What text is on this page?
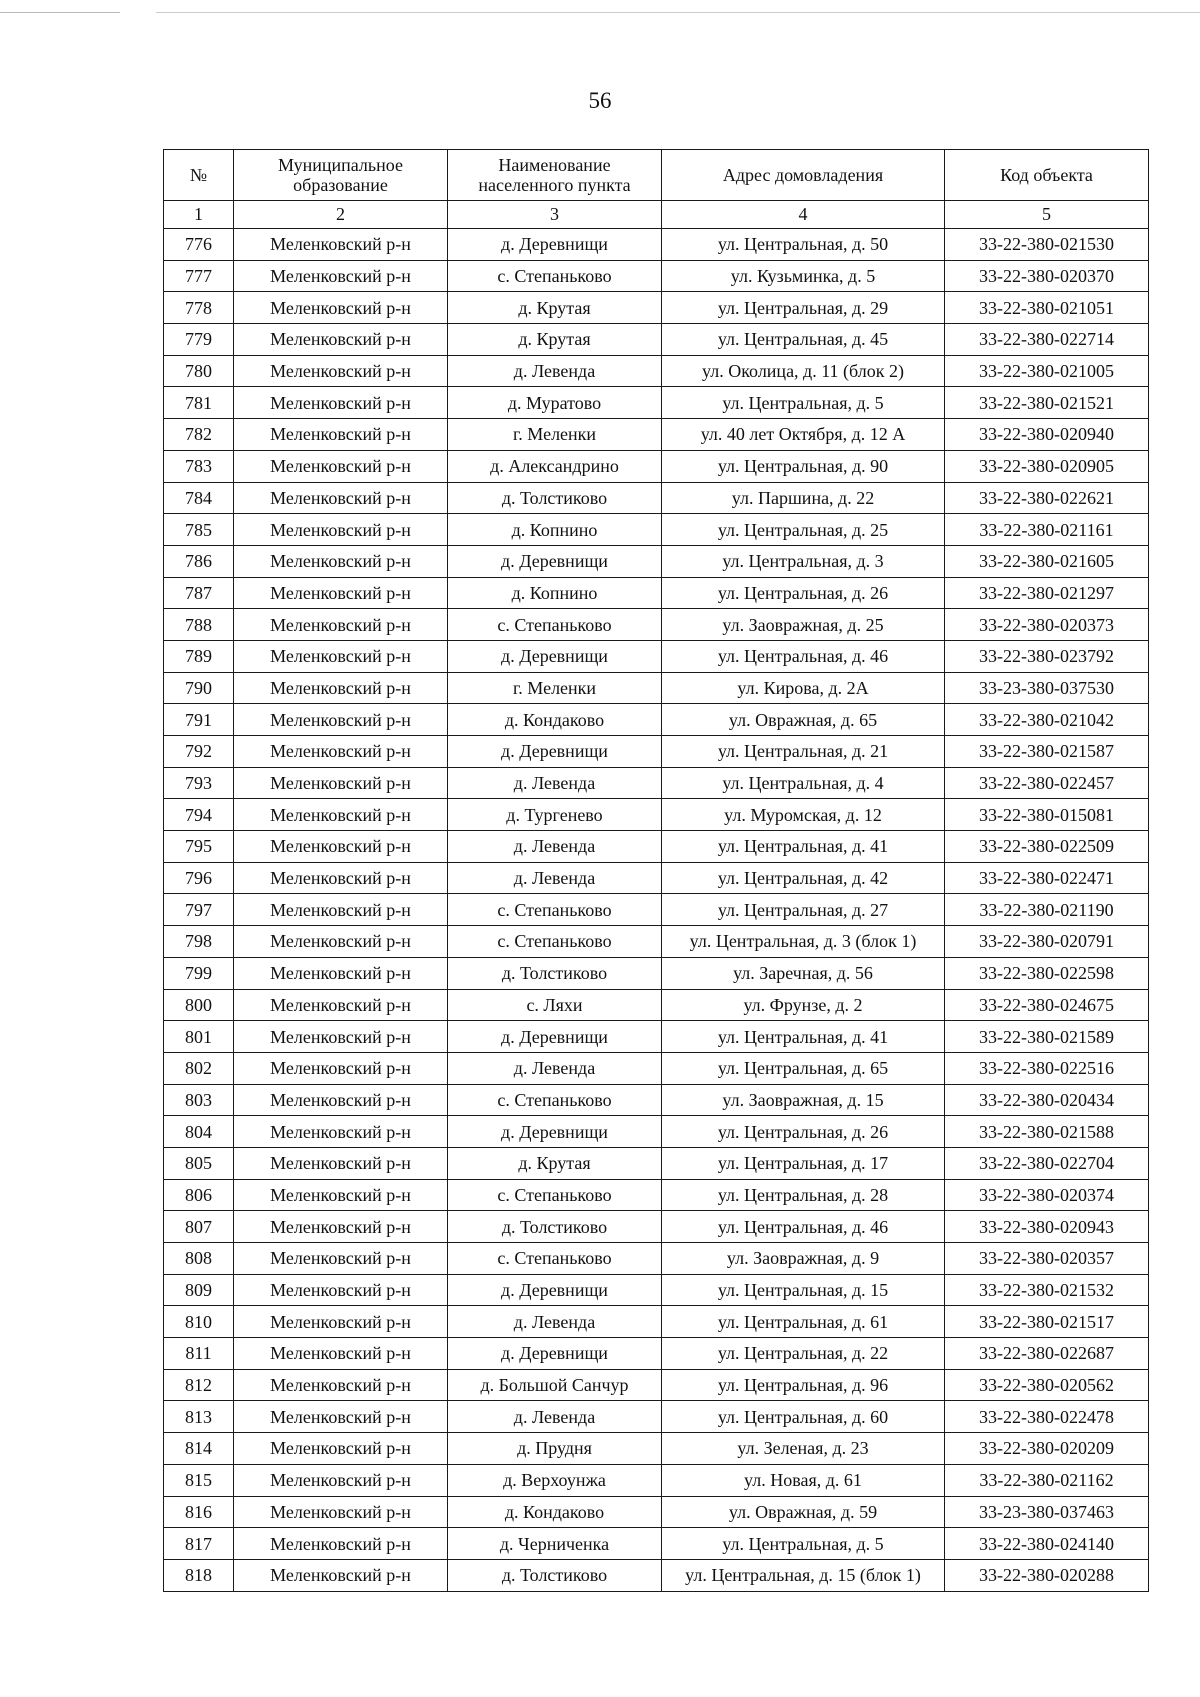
56
№	Муниципальное образование	Наименование населенного пункта	Адрес домовладения	Код объекта
1	2	3	4	5
776	Меленковский р-н	д. Деревнищи	ул. Центральная, д. 50	33-22-380-021530
777	Меленковский р-н	с. Степаньково	ул. Кузьминка, д. 5	33-22-380-020370
778	Меленковский р-н	д. Крутая	ул. Центральная, д. 29	33-22-380-021051
779	Меленковский р-н	д. Крутая	ул. Центральная, д. 45	33-22-380-022714
780	Меленковский р-н	д. Левенда	ул. Околица, д. 11 (блок 2)	33-22-380-021005
781	Меленковский р-н	д. Муратово	ул. Центральная, д. 5	33-22-380-021521
782	Меленковский р-н	г. Меленки	ул. 40 лет Октября, д. 12 А	33-22-380-020940
783	Меленковский р-н	д. Александрино	ул. Центральная, д. 90	33-22-380-020905
784	Меленковский р-н	д. Толстиково	ул. Паршина, д. 22	33-22-380-022621
785	Меленковский р-н	д. Копнино	ул. Центральная, д. 25	33-22-380-021161
786	Меленковский р-н	д. Деревнищи	ул. Центральная, д. 3	33-22-380-021605
787	Меленковский р-н	д. Копнино	ул. Центральная, д. 26	33-22-380-021297
788	Меленковский р-н	с. Степаньково	ул. Заовражная, д. 25	33-22-380-020373
789	Меленковский р-н	д. Деревнищи	ул. Центральная, д. 46	33-22-380-023792
790	Меленковский р-н	г. Меленки	ул. Кирова, д. 2А	33-23-380-037530
791	Меленковский р-н	д. Кондаково	ул. Овражная, д. 65	33-22-380-021042
792	Меленковский р-н	д. Деревнищи	ул. Центральная, д. 21	33-22-380-021587
793	Меленковский р-н	д. Левенда	ул. Центральная, д. 4	33-22-380-022457
794	Меленковский р-н	д. Тургенево	ул. Муромская, д. 12	33-22-380-015081
795	Меленковский р-н	д. Левенда	ул. Центральная, д. 41	33-22-380-022509
796	Меленковский р-н	д. Левенда	ул. Центральная, д. 42	33-22-380-022471
797	Меленковский р-н	с. Степаньково	ул. Центральная, д. 27	33-22-380-021190
798	Меленковский р-н	с. Степаньково	ул. Центральная, д. 3 (блок 1)	33-22-380-020791
799	Меленковский р-н	д. Толстиково	ул. Заречная, д. 56	33-22-380-022598
800	Меленковский р-н	с. Ляхи	ул. Фрунзе, д. 2	33-22-380-024675
801	Меленковский р-н	д. Деревнищи	ул. Центральная, д. 41	33-22-380-021589
802	Меленковский р-н	д. Левенда	ул. Центральная, д. 65	33-22-380-022516
803	Меленковский р-н	с. Степаньково	ул. Заовражная, д. 15	33-22-380-020434
804	Меленковский р-н	д. Деревнищи	ул. Центральная, д. 26	33-22-380-021588
805	Меленковский р-н	д. Крутая	ул. Центральная, д. 17	33-22-380-022704
806	Меленковский р-н	с. Степаньково	ул. Центральная, д. 28	33-22-380-020374
807	Меленковский р-н	д. Толстиково	ул. Центральная, д. 46	33-22-380-020943
808	Меленковский р-н	с. Степаньково	ул. Заовражная, д. 9	33-22-380-020357
809	Меленковский р-н	д. Деревнищи	ул. Центральная, д. 15	33-22-380-021532
810	Меленковский р-н	д. Левенда	ул. Центральная, д. 61	33-22-380-021517
811	Меленковский р-н	д. Деревнищи	ул. Центральная, д. 22	33-22-380-022687
812	Меленковский р-н	д. Большой Санчур	ул. Центральная, д. 96	33-22-380-020562
813	Меленковский р-н	д. Левенда	ул. Центральная, д. 60	33-22-380-022478
814	Меленковский р-н	д. Прудня	ул. Зеленая, д. 23	33-22-380-020209
815	Меленковский р-н	д. Верхоунжа	ул. Новая, д. 61	33-22-380-021162
816	Меленковский р-н	д. Кондаково	ул. Овражная, д. 59	33-23-380-037463
817	Меленковский р-н	д. Черниченка	ул. Центральная, д. 5	33-22-380-024140
818	Меленковский р-н	д. Толстиково	ул. Центральная, д. 15 (блок 1)	33-22-380-020288
